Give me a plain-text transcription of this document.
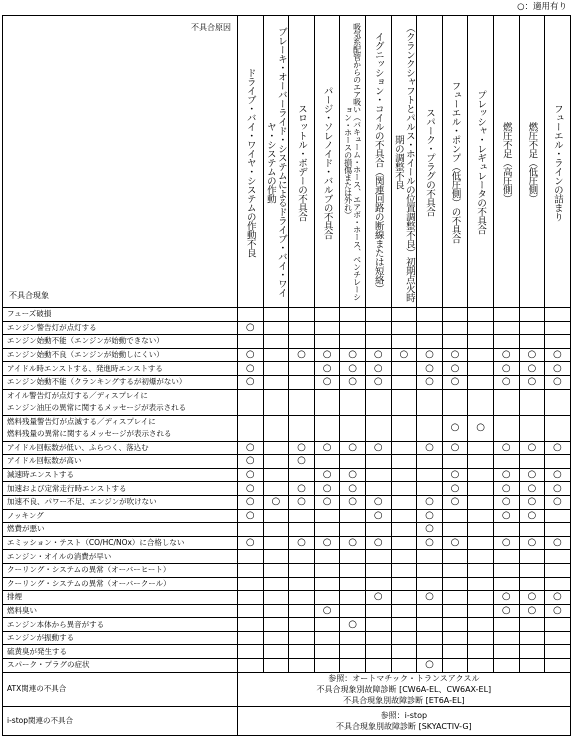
○：適用有り
不具合原因
不具合現象	ドライブ・バイ・ワイヤ・システムの作動不良	ブレーキ・オーバーライド・システムによるドライブ・バイ・ワイヤ・システムの作動	スロットル・ボデーの不具合	パージ・ソレノイド・バルブの不具合	吸気系配管からのエア吸い（バキューム・ホース、エアボ・ホース、ベンチレーション・ホースの損傷または外れ）	イグニッション・コイルの不具合（関連回路の断線または短絡）	（クランクシャフトとパルス・ホイールの位置調整不良）初期点火時期の調整不良	スパーク・プラグの不具合	フューエル・ポンプ（低圧側）の不具合	プレッシャ・レギュレータの不具合	燃圧不足（高圧側）	燃圧不足（低圧側）	フューエル・ラインの詰まり

フューズ破損													
エンジン警告灯が点灯する	○												
エンジン始動不能（エンジンが始動できない）													
エンジン始動不良（エンジンが始動しにくい）	○		○	○	○	○	○	○	○		○	○	○
アイドル時エンストする、発進時エンストする	○			○	○	○		○	○		○	○	○
エンジン始動不能（クランキングするが初爆がない）	○			○	○	○		○	○		○	○	○
オイル警告灯が点灯する／ディスプレイに
エンジン油圧の異常に関するメッセージが表示される													
燃料残量警告灯が点滅する／ディスプレイに
燃料残量の異常に関するメッセージが表示される									○	○			
アイドル回転数が低い、ふらつく、落込む	○		○	○	○	○		○	○		○	○	○
アイドル回転数が高い	○		○										
減速時エンストする	○			○	○				○		○	○	○
加速および定常走行時エンストする	○		○	○	○				○		○	○	○
加速不良、パワー不足、エンジンが吹けない	○	○	○	○	○	○		○	○		○	○	○
ノッキング	○					○		○			○	○	
燃費が悪い								○					
エミッション・テスト（CO/HC/NOx）に合格しない	○		○	○	○	○		○	○		○	○	○
エンジン・オイルの消費が早い													
クーリング・システムの異常（オーバーヒート）													
クーリング・システムの異常（オーバークール）													
排煙						○		○			○	○	○
燃料臭い				○							○	○	○
エンジン本体から異音がする					○								
エンジンが振動する													
硫黄臭が発生する													
スパーク・プラグの症状								○					
ATX関連の不具合	参照：オートマチック・トランスアクスル
不具合現象別故障診断 [CW6A-EL、CW6AX-EL]
不具合現象別故障診断 [ET6A-EL]												

i-stop関連の不具合	参照：i-stop
不具合現象別故障診断 [SKYACTIV-G]												
